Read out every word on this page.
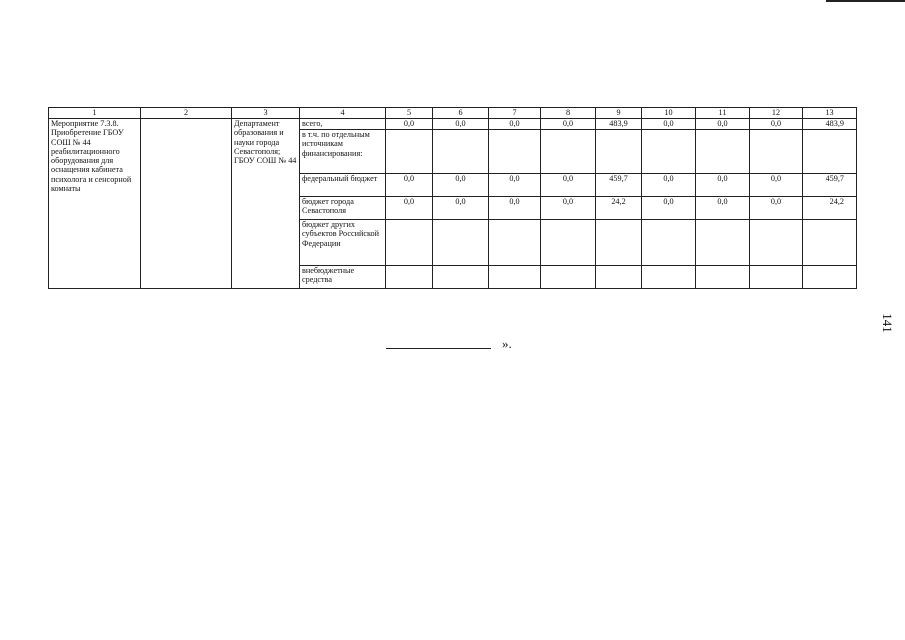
1	2	3	4	5	6	7	8	9	10	11	12	13
Мероприятие 7.3.8. Приобретение ГБОУ СОШ № 44 реабилитационного оборудования для оснащения кабинета психолога и сенсорной комнаты		Департамент образования и науки города Севастополя; ГБОУ СОШ № 44	всего,	0,0	0,0	0,0	0,0	483,9	0,0	0,0	0,0	483,9
			в т.ч. по отдельным источникам финансирования:									
			федеральный бюджет	0,0	0,0	0,0	0,0	459,7	0,0	0,0	0,0	459,7
			бюджет города Севастополя	0,0	0,0	0,0	0,0	24,2	0,0	0,0	0,0	24,2
			бюджет других субъектов Российской Федерации									
			внебюджетные средства									
».
141
